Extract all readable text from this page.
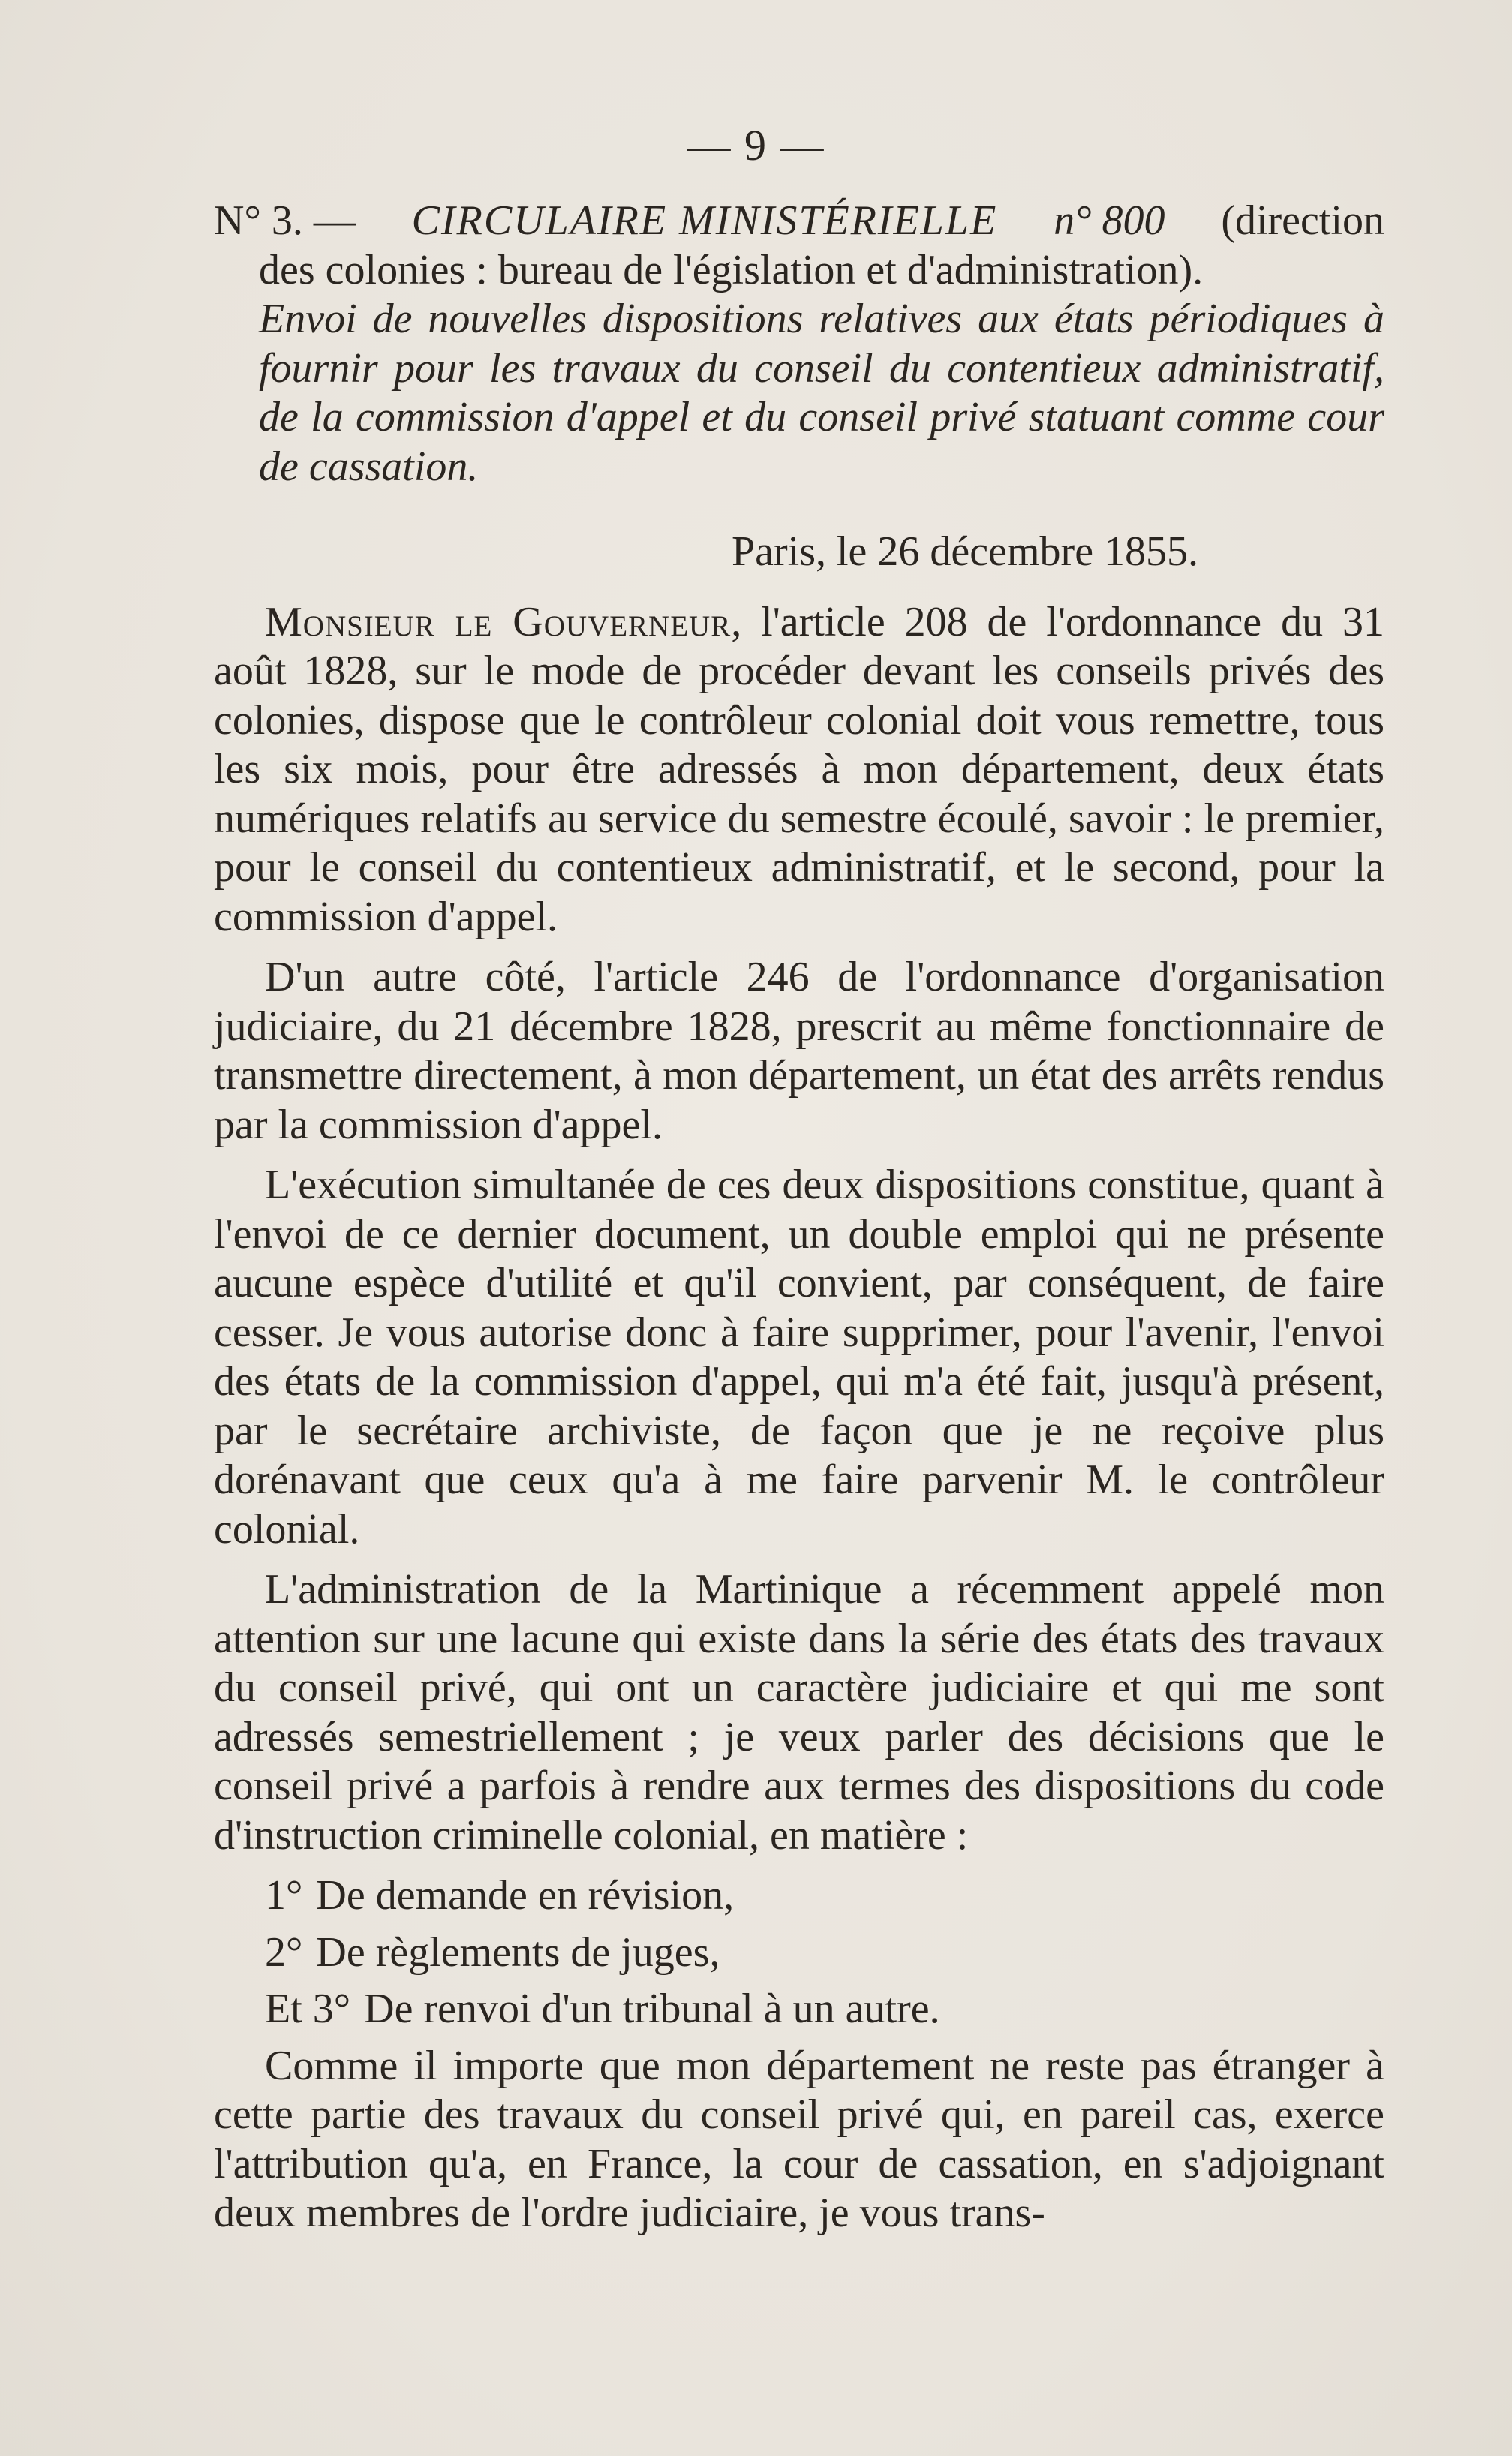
— 9 —

N° 3. — CIRCULAIRE MINISTÉRIELLE n° 800 (direction

des colonies : bureau de l'égislation et d'administration).

Envoi de nouvelles dispositions relatives aux états périodiques à fournir pour les travaux du conseil du contentieux administratif, de la commission d'appel et du conseil privé statuant comme cour de cassation.

Paris, le 26 décembre 1855.

Monsieur le Gouverneur, l'article 208 de l'ordonnance du 31 août 1828, sur le mode de procéder devant les conseils privés des colonies, dispose que le contrôleur colonial doit vous remettre, tous les six mois, pour être adressés à mon département, deux états numériques relatifs au service du semestre écoulé, savoir : le premier, pour le conseil du contentieux administratif, et le second, pour la commission d'appel.

D'un autre côté, l'article 246 de l'ordonnance d'organisation judiciaire, du 21 décembre 1828, prescrit au même fonctionnaire de transmettre directement, à mon département, un état des arrêts rendus par la commission d'appel.

L'exécution simultanée de ces deux dispositions constitue, quant à l'envoi de ce dernier document, un double emploi qui ne présente aucune espèce d'utilité et qu'il convient, par conséquent, de faire cesser. Je vous autorise donc à faire supprimer, pour l'avenir, l'envoi des états de la commission d'appel, qui m'a été fait, jusqu'à présent, par le secrétaire archiviste, de façon que je ne reçoive plus dorénavant que ceux qu'a à me faire parvenir M. le contrôleur colonial.

L'administration de la Martinique a récemment appelé mon attention sur une lacune qui existe dans la série des états des travaux du conseil privé, qui ont un caractère judiciaire et qui me sont adressés semestriellement ; je veux parler des décisions que le conseil privé a parfois à rendre aux termes des dispositions du code d'instruction criminelle colonial, en matière :

1° De demande en révision,

2° De règlements de juges,

Et 3° De renvoi d'un tribunal à un autre.

Comme il importe que mon département ne reste pas étranger à cette partie des travaux du conseil privé qui, en pareil cas, exerce l'attribution qu'a, en France, la cour de cassation, en s'adjoignant deux membres de l'ordre judiciaire, je vous trans-
